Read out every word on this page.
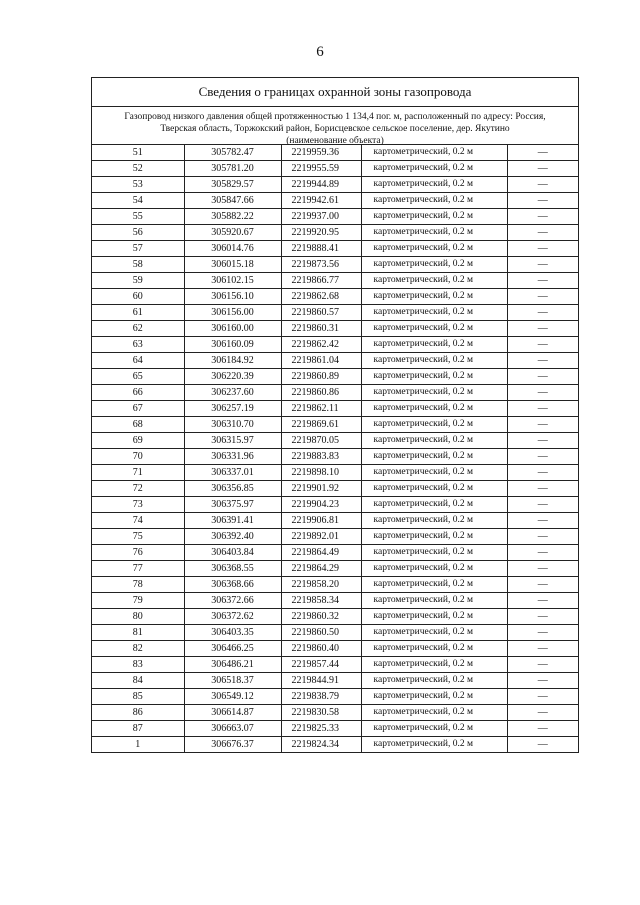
6
Сведения о границах охранной зоны газопровода
Газопровод низкого давления общей протяженностью 1 134,4 пог. м, расположенный по адресу: Россия,
Тверская область, Торжокский район, Борисцевское сельское поселение, дер. Якутино
(наименование объекта)
51	305782.47	2219959.36	картометрический, 0.2 м	—
52	305781.20	2219955.59	картометрический, 0.2 м	—
53	305829.57	2219944.89	картометрический, 0.2 м	—
54	305847.66	2219942.61	картометрический, 0.2 м	—
55	305882.22	2219937.00	картометрический, 0.2 м	—
56	305920.67	2219920.95	картометрический, 0.2 м	—
57	306014.76	2219888.41	картометрический, 0.2 м	—
58	306015.18	2219873.56	картометрический, 0.2 м	—
59	306102.15	2219866.77	картометрический, 0.2 м	—
60	306156.10	2219862.68	картометрический, 0.2 м	—
61	306156.00	2219860.57	картометрический, 0.2 м	—
62	306160.00	2219860.31	картометрический, 0.2 м	—
63	306160.09	2219862.42	картометрический, 0.2 м	—
64	306184.92	2219861.04	картометрический, 0.2 м	—
65	306220.39	2219860.89	картометрический, 0.2 м	—
66	306237.60	2219860.86	картометрический, 0.2 м	—
67	306257.19	2219862.11	картометрический, 0.2 м	—
68	306310.70	2219869.61	картометрический, 0.2 м	—
69	306315.97	2219870.05	картометрический, 0.2 м	—
70	306331.96	2219883.83	картометрический, 0.2 м	—
71	306337.01	2219898.10	картометрический, 0.2 м	—
72	306356.85	2219901.92	картометрический, 0.2 м	—
73	306375.97	2219904.23	картометрический, 0.2 м	—
74	306391.41	2219906.81	картометрический, 0.2 м	—
75	306392.40	2219892.01	картометрический, 0.2 м	—
76	306403.84	2219864.49	картометрический, 0.2 м	—
77	306368.55	2219864.29	картометрический, 0.2 м	—
78	306368.66	2219858.20	картометрический, 0.2 м	—
79	306372.66	2219858.34	картометрический, 0.2 м	—
80	306372.62	2219860.32	картометрический, 0.2 м	—
81	306403.35	2219860.50	картометрический, 0.2 м	—
82	306466.25	2219860.40	картометрический, 0.2 м	—
83	306486.21	2219857.44	картометрический, 0.2 м	—
84	306518.37	2219844.91	картометрический, 0.2 м	—
85	306549.12	2219838.79	картометрический, 0.2 м	—
86	306614.87	2219830.58	картометрический, 0.2 м	—
87	306663.07	2219825.33	картометрический, 0.2 м	—
1	306676.37	2219824.34	картометрический, 0.2 м	—
